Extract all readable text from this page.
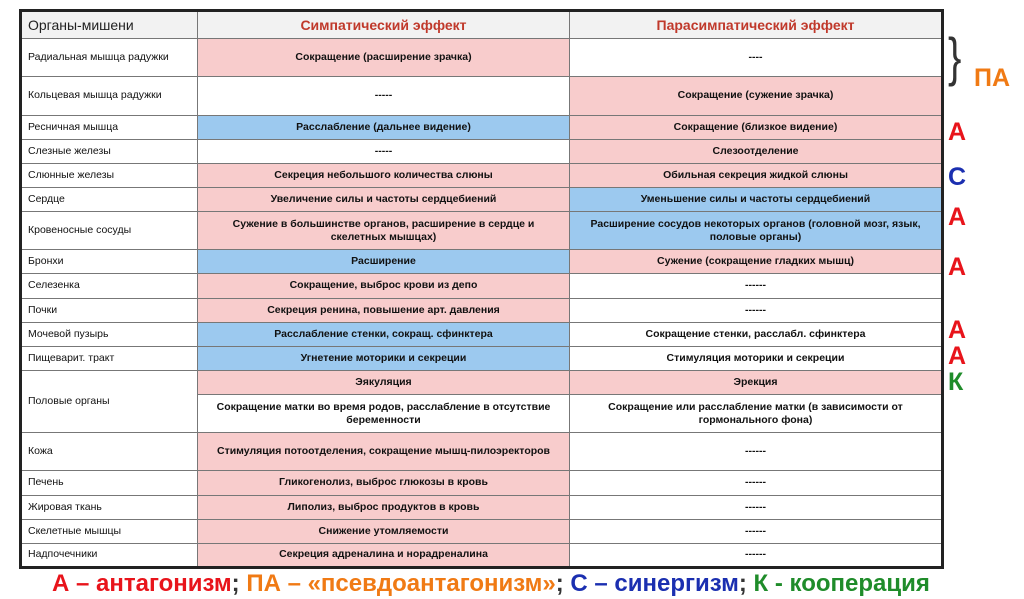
Органы-мишени	Симпатический эффект	Парасимпатический эффект
Радиальная мышца радужки	Сокращение (расширение зрачка)	----
Кольцевая мышца радужки	-----	Сокращение (сужение зрачка)
Ресничная мышца	Расслабление (дальнее видение)	Сокращение (близкое видение)
Слезные железы	-----	Слезоотделение
Слюнные железы	Секреция небольшого количества слюны	Обильная секреция жидкой слюны
Сердце	Увеличение силы и частоты сердцебиений	Уменьшение силы и частоты сердцебиений
Кровеносные сосуды	Сужение в большинстве органов, расширение в сердце и скелетных мышцах)	Расширение сосудов некоторых органов (головной мозг, язык, половые органы)
Бронхи	Расширение	Сужение (сокращение гладких мышц)
Селезенка	Сокращение, выброс крови из депо	------
Почки	Секреция ренина, повышение арт. давления	------
Мочевой пузырь	Расслабление стенки, сокращ. сфинктера	Сокращение стенки, расслабл. сфинктера
Пищеварит. тракт	Угнетение моторики и секреции	Стимуляция моторики и секреции
Половые органы	Эякуляция	Эрекция
	Сокращение матки во время родов, расслабление в отсутствие беременности	Сокращение или расслабление матки (в зависимости от гормонального фона)
Кожа	Стимуляция потоотделения, сокращение мышц-пилоэректоров	------
Печень	Гликогенолиз, выброс глюкозы в кровь	------
Жировая ткань	Липолиз, выброс продуктов в кровь	------
Скелетные мышцы	Снижение утомляемости	------
Надпочечники	Секреция адреналина и норадреналина	------
} ПА
А
С
А
А
А
А
К
А – антагонизм; ПА – «псевдоантагонизм»; С – синергизм; К - кооперация
